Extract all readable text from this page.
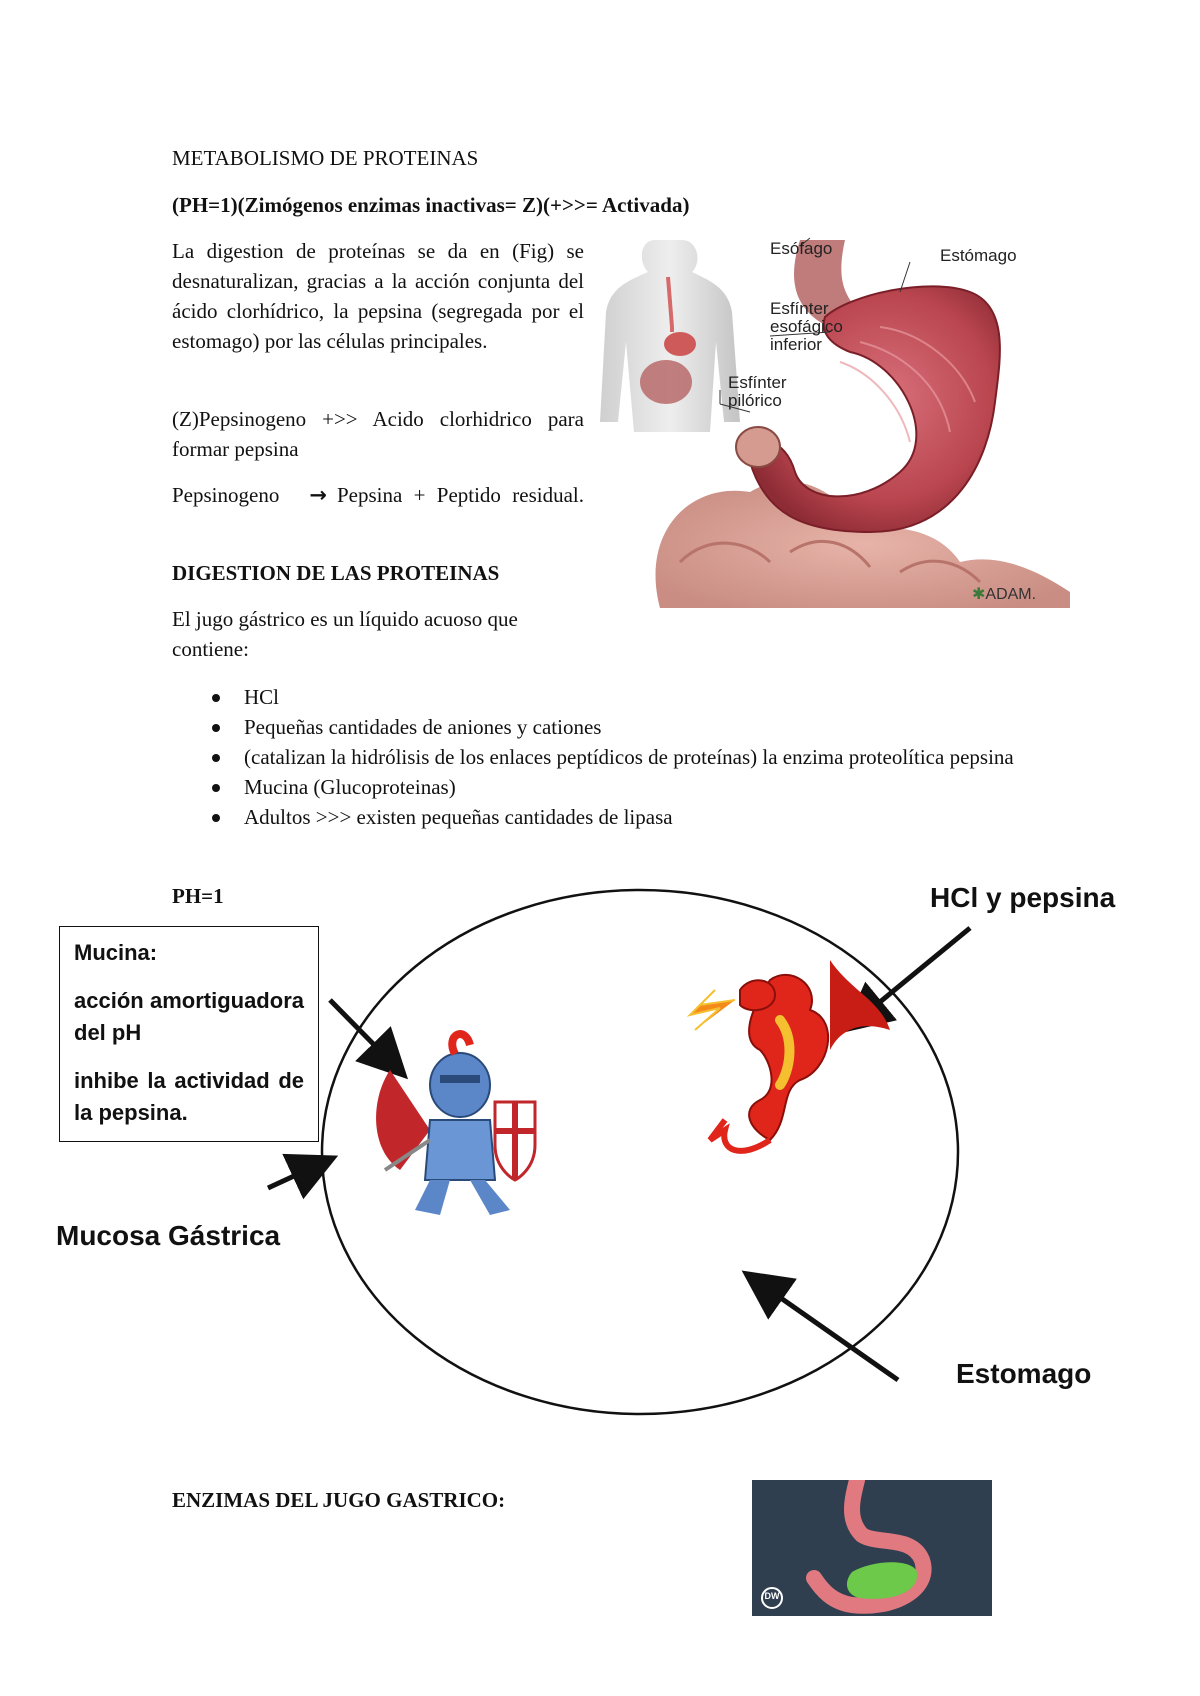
METABOLISMO DE PROTEINAS

(PH=1)(Zimógenos enzimas inactivas= Z)(+>>= Activada)

La digestion de proteínas se da en (Fig) se desnaturalizan, gracias a la acción conjunta del ácido clorhídrico, la pepsina (segregada por el estomago) por las células principales.

(Z)Pepsinogeno +>> Acido clorhidrico para formar pepsina

Pepsinogeno	→ Pepsina + Peptido residual.
Esófago	Estómago
Esfínter esofágico inferior
Esfínter pilórico
✱ADAM.

DIGESTION DE LAS PROTEINAS

El jugo gástrico es un líquido acuoso que contiene:

HCl
Pequeñas cantidades de aniones y cationes
(catalizan la hidrólisis de los enlaces peptídicos de proteínas) la enzima proteolítica pepsina
Mucina (Glucoproteinas)
Adultos >>> existen pequeñas cantidades de lipasa

PH=1

Mucina:

acción amortiguadora del pH

inhibe la actividad de la pepsina.

HCl y pepsina
Mucosa Gástrica
Estomago

ENZIMAS DEL JUGO GASTRICO:

DW
